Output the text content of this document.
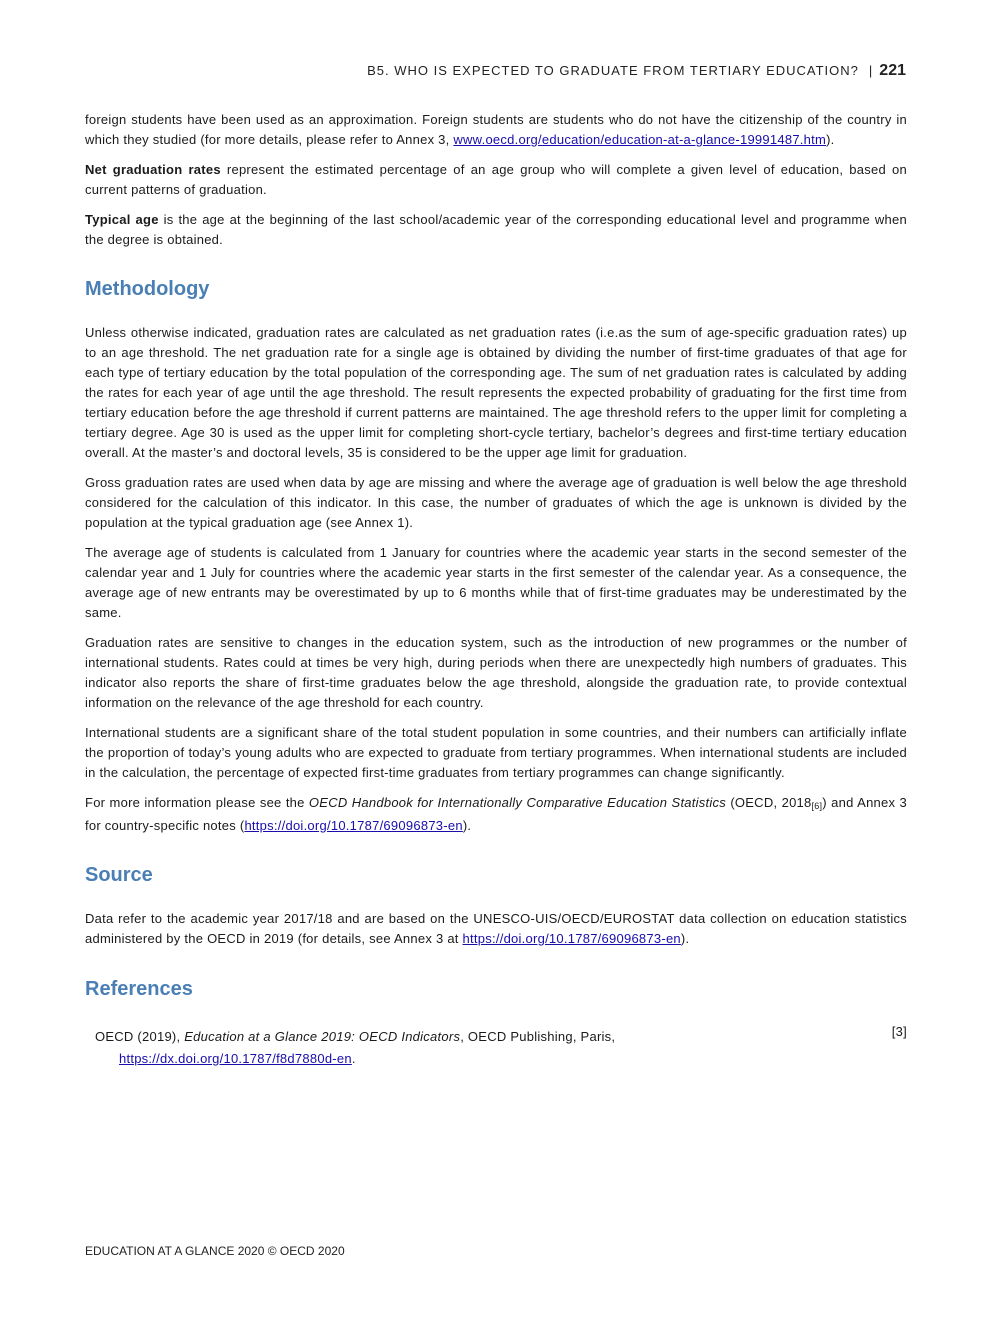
B5. WHO IS EXPECTED TO GRADUATE FROM TERTIARY EDUCATION? | 221

foreign students have been used as an approximation. Foreign students are students who do not have the citizenship of the country in which they studied (for more details, please refer to Annex 3, www.oecd.org/education/education-at-a-glance-19991487.htm).

Net graduation rates represent the estimated percentage of an age group who will complete a given level of education, based on current patterns of graduation.

Typical age is the age at the beginning of the last school/academic year of the corresponding educational level and programme when the degree is obtained.

Methodology

Unless otherwise indicated, graduation rates are calculated as net graduation rates (i.e.as the sum of age-specific graduation rates) up to an age threshold. The net graduation rate for a single age is obtained by dividing the number of first-time graduates of that age for each type of tertiary education by the total population of the corresponding age. The sum of net graduation rates is calculated by adding the rates for each year of age until the age threshold. The result represents the expected probability of graduating for the first time from tertiary education before the age threshold if current patterns are maintained. The age threshold refers to the upper limit for completing a tertiary degree. Age 30 is used as the upper limit for completing short-cycle tertiary, bachelor’s degrees and first-time tertiary education overall. At the master’s and doctoral levels, 35 is considered to be the upper age limit for graduation.

Gross graduation rates are used when data by age are missing and where the average age of graduation is well below the age threshold considered for the calculation of this indicator. In this case, the number of graduates of which the age is unknown is divided by the population at the typical graduation age (see Annex 1).

The average age of students is calculated from 1 January for countries where the academic year starts in the second semester of the calendar year and 1 July for countries where the academic year starts in the first semester of the calendar year. As a consequence, the average age of new entrants may be overestimated by up to 6 months while that of first-time graduates may be underestimated by the same.

Graduation rates are sensitive to changes in the education system, such as the introduction of new programmes or the number of international students. Rates could at times be very high, during periods when there are unexpectedly high numbers of graduates. This indicator also reports the share of first-time graduates below the age threshold, alongside the graduation rate, to provide contextual information on the relevance of the age threshold for each country.

International students are a significant share of the total student population in some countries, and their numbers can artificially inflate the proportion of today’s young adults who are expected to graduate from tertiary programmes. When international students are included in the calculation, the percentage of expected first-time graduates from tertiary programmes can change significantly.

For more information please see the OECD Handbook for Internationally Comparative Education Statistics (OECD, $2018_{[6]}$) and Annex 3 for country-specific notes (https://doi.org/10.1787/69096873-en).

Source

Data refer to the academic year 2017/18 and are based on the UNESCO-UIS/OECD/EUROSTAT data collection on education statistics administered by the OECD in 2019 (for details, see Annex 3 at https://doi.org/10.1787/69096873-en).

References
[3]
OECD (2019), Education at a Glance 2019: OECD Indicators, OECD Publishing, Paris,
https://dx.doi.org/10.1787/f8d7880d-en.
EDUCATION AT A GLANCE 2020 © OECD 2020
